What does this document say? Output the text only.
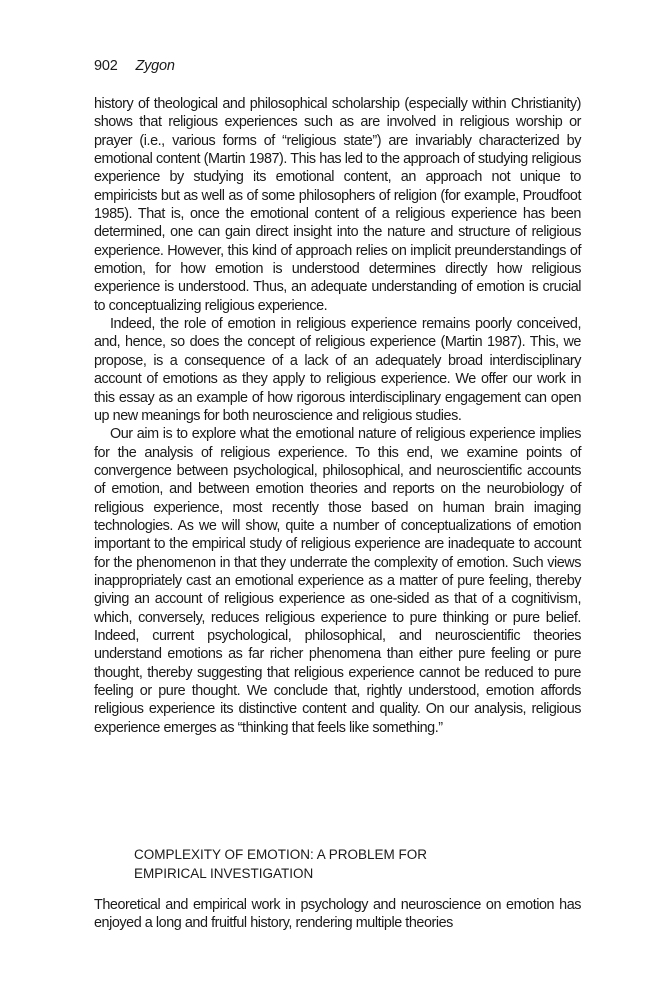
902 Zygon

history of theological and philosophical scholarship (especially within Christianity) shows that religious experiences such as are involved in religious worship or prayer (i.e., various forms of “religious state”) are invariably characterized by emotional content (Martin 1987). This has led to the approach of studying religious experience by studying its emotional content, an approach not unique to empiricists but as well as of some philosophers of religion (for example, Proudfoot 1985). That is, once the emotional content of a religious experience has been determined, one can gain direct insight into the nature and structure of religious experience. However, this kind of approach relies on implicit preunderstandings of emotion, for how emotion is understood determines directly how religious experience is understood. Thus, an adequate understanding of emotion is crucial to conceptualizing religious experience.

Indeed, the role of emotion in religious experience remains poorly conceived, and, hence, so does the concept of religious experience (Martin 1987). This, we propose, is a consequence of a lack of an adequately broad interdisciplinary account of emotions as they apply to religious experience. We offer our work in this essay as an example of how rigorous interdisciplinary engagement can open up new meanings for both neuroscience and religious studies.

Our aim is to explore what the emotional nature of religious experience implies for the analysis of religious experience. To this end, we examine points of convergence between psychological, philosophical, and neuroscientific accounts of emotion, and between emotion theories and reports on the neurobiology of religious experience, most recently those based on human brain imaging technologies. As we will show, quite a number of conceptualizations of emotion important to the empirical study of religious experience are inadequate to account for the phenomenon in that they underrate the complexity of emotion. Such views inappropriately cast an emotional experience as a matter of pure feeling, thereby giving an account of religious experience as one-sided as that of a cognitivism, which, conversely, reduces religious experience to pure thinking or pure belief. Indeed, current psychological, philosophical, and neuroscientific theories understand emotions as far richer phenomena than either pure feeling or pure thought, thereby suggesting that religious experience cannot be reduced to pure feeling or pure thought. We conclude that, rightly understood, emotion affords religious experience its distinctive content and quality. On our analysis, religious experience emerges as “thinking that feels like something.”

COMPLEXITY OF EMOTION: A PROBLEM FOR
EMPIRICAL INVESTIGATION

Theoretical and empirical work in psychology and neuroscience on emotion has enjoyed a long and fruitful history, rendering multiple theories
